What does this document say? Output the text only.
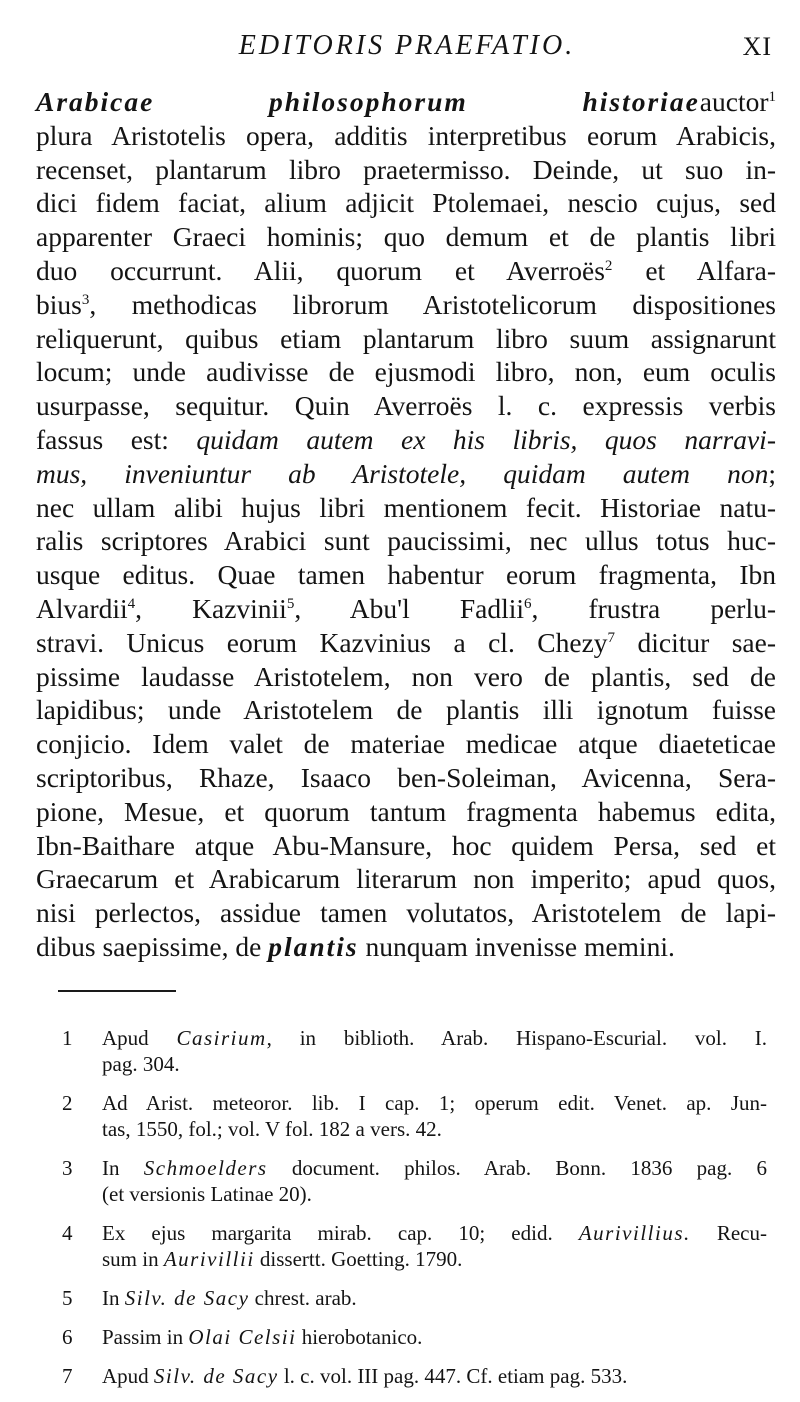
EDITORIS PRAEFATIO.	XI
Arabicae philosophorum historiaeauctor$^1$
plura Aristotelis opera, additis interpretibus eorum Arabicis,
recenset, plantarum libro praetermisso. Deinde, ut suo in-
dici fidem faciat, alium adjicit Ptolemaei, nescio cujus, sed
apparenter Graeci hominis; quo demum et de plantis libri
duo occurrunt. Alii, quorum et Averroës$^2$ et Alfara-
bius$^3$, methodicas librorum Aristotelicorum dispositiones
reliquerunt, quibus etiam plantarum libro suum assignarunt
locum; unde audivisse de ejusmodi libro, non, eum oculis
usurpasse, sequitur. Quin Averroës l. c. expressis verbis
fassus est: quidam autem ex his libris, quos narravi-
mus, inveniuntur ab Aristotele, quidam autem non;
nec ullam alibi hujus libri mentionem fecit. Historiae natu-
ralis scriptores Arabici sunt paucissimi, nec ullus totus huc-
usque editus. Quae tamen habentur eorum fragmenta, Ibn
Alvardii$^4$, Kazvinii$^5$, Abu'l Fadlii$^6$, frustra perlu-
stravi. Unicus eorum Kazvinius a cl. Chezy$^7$ dicitur sae-
pissime laudasse Aristotelem, non vero de plantis, sed de
lapidibus; unde Aristotelem de plantis illi ignotum fuisse
conjicio. Idem valet de materiae medicae atque diaeteticae
scriptoribus, Rhaze, Isaaco ben-Soleiman, Avicenna, Sera-
pione, Mesue, et quorum tantum fragmenta habemus edita,
Ibn-Baithare atque Abu-Mansure, hoc quidem Persa, sed et
Graecarum et Arabicarum literarum non imperito; apud quos,
nisi perlectos, assidue tamen volutatos, Aristotelem de lapi-
dibus saepissime, de plantis nunquam invenisse memini.
1	Apud Casirium, in biblioth. Arab. Hispano-Escurial. vol. I.
pag. 304.
2	Ad Arist. meteoror. lib. I cap. 1; operum edit. Venet. ap. Jun-
tas, 1550, fol.; vol. V fol. 182 a vers. 42.
3	In Schmoelders document. philos. Arab. Bonn. 1836 pag. 6
(et versionis Latinae 20).
4	Ex ejus margarita mirab. cap. 10; edid. Aurivillius. Recu-
sum in Aurivillii dissertt. Goetting. 1790.
5	In Silv. de Sacy chrest. arab.
6	Passim in Olai Celsii hierobotanico.
7	Apud Silv. de Sacy l. c. vol. III pag. 447. Cf. etiam pag. 533.
